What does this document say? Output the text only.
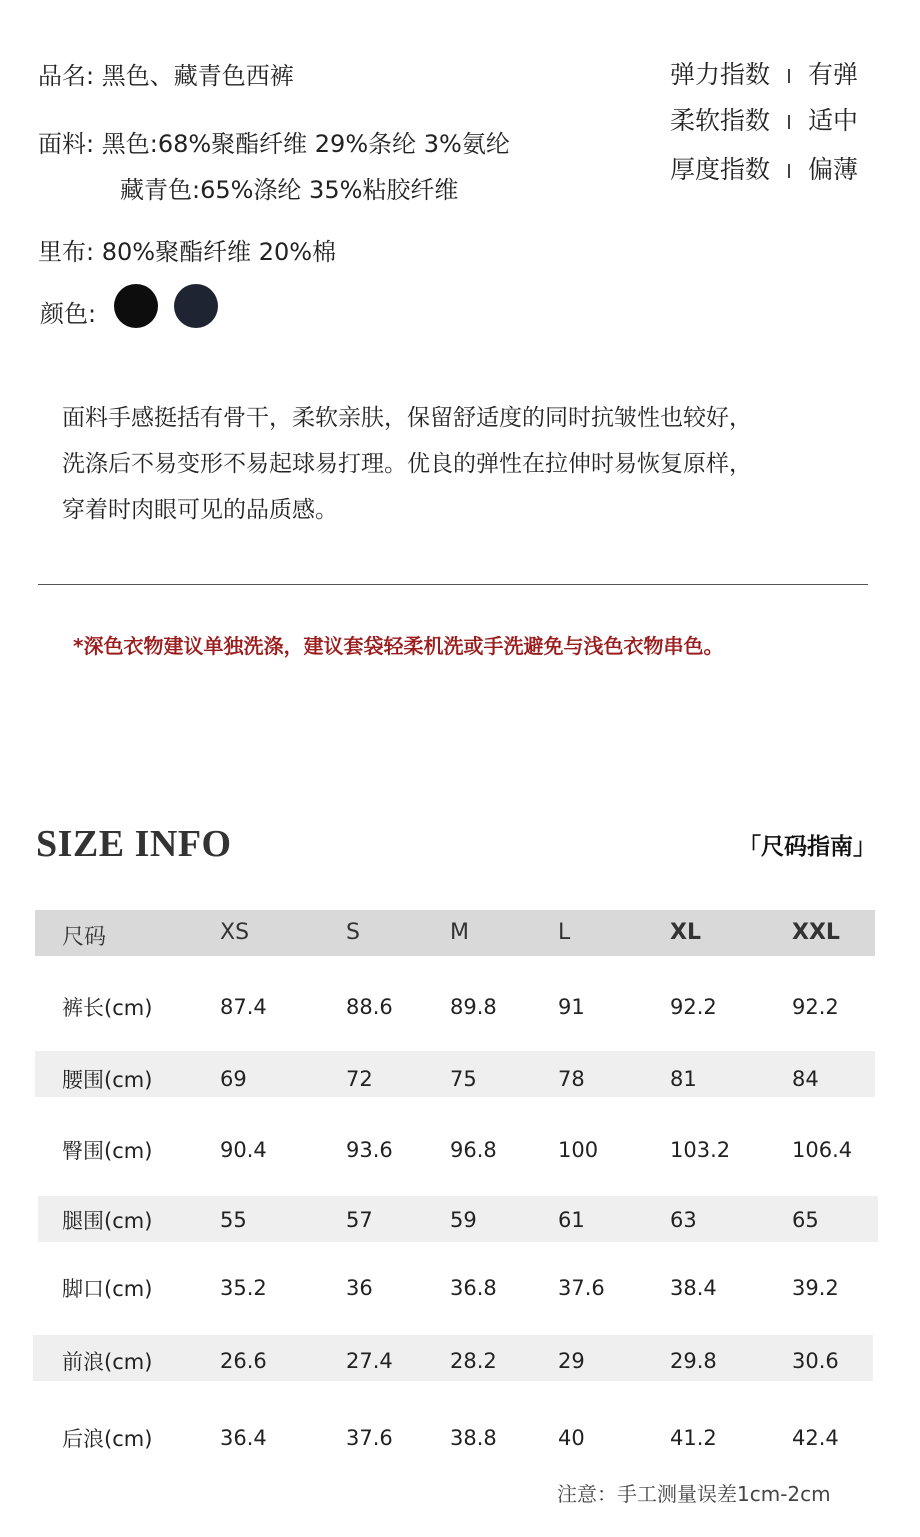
品名: 黑色、藏青色西裤
面料: 黑色:68%聚酯纤维 29%条纶 3%氨纶
藏青色:65%涤纶 35%粘胶纤维
里布: 80%聚酯纤维 20%棉
颜色:
弹力指数 有弹
柔软指数 适中
厚度指数 偏薄
面料手感挺括有骨干，柔软亲肤，保留舒适度的同时抗皱性也较好，
洗涤后不易变形不易起球易打理。优良的弹性在拉伸时易恢复原样，
穿着时肉眼可见的品质感。
*深色衣物建议单独洗涤，建议套袋轻柔机洗或手洗避免与浅色衣物串色。
SIZE INFO	「尺码指南」
尺码	XS	S	M	L	XL	XXL
裤长(cm)	87.4	88.6	89.8	91	92.2	92.2
腰围(cm)	69	72	75	78	81	84
臀围(cm)	90.4	93.6	96.8	100	103.2	106.4
腿围(cm)	55	57	59	61	63	65
脚口(cm)	35.2	36	36.8	37.6	38.4	39.2
前浪(cm)	26.6	27.4	28.2	29	29.8	30.6
后浪(cm)	36.4	37.6	38.8	40	41.2	42.4
注意：手工测量误差1cm-2cm
